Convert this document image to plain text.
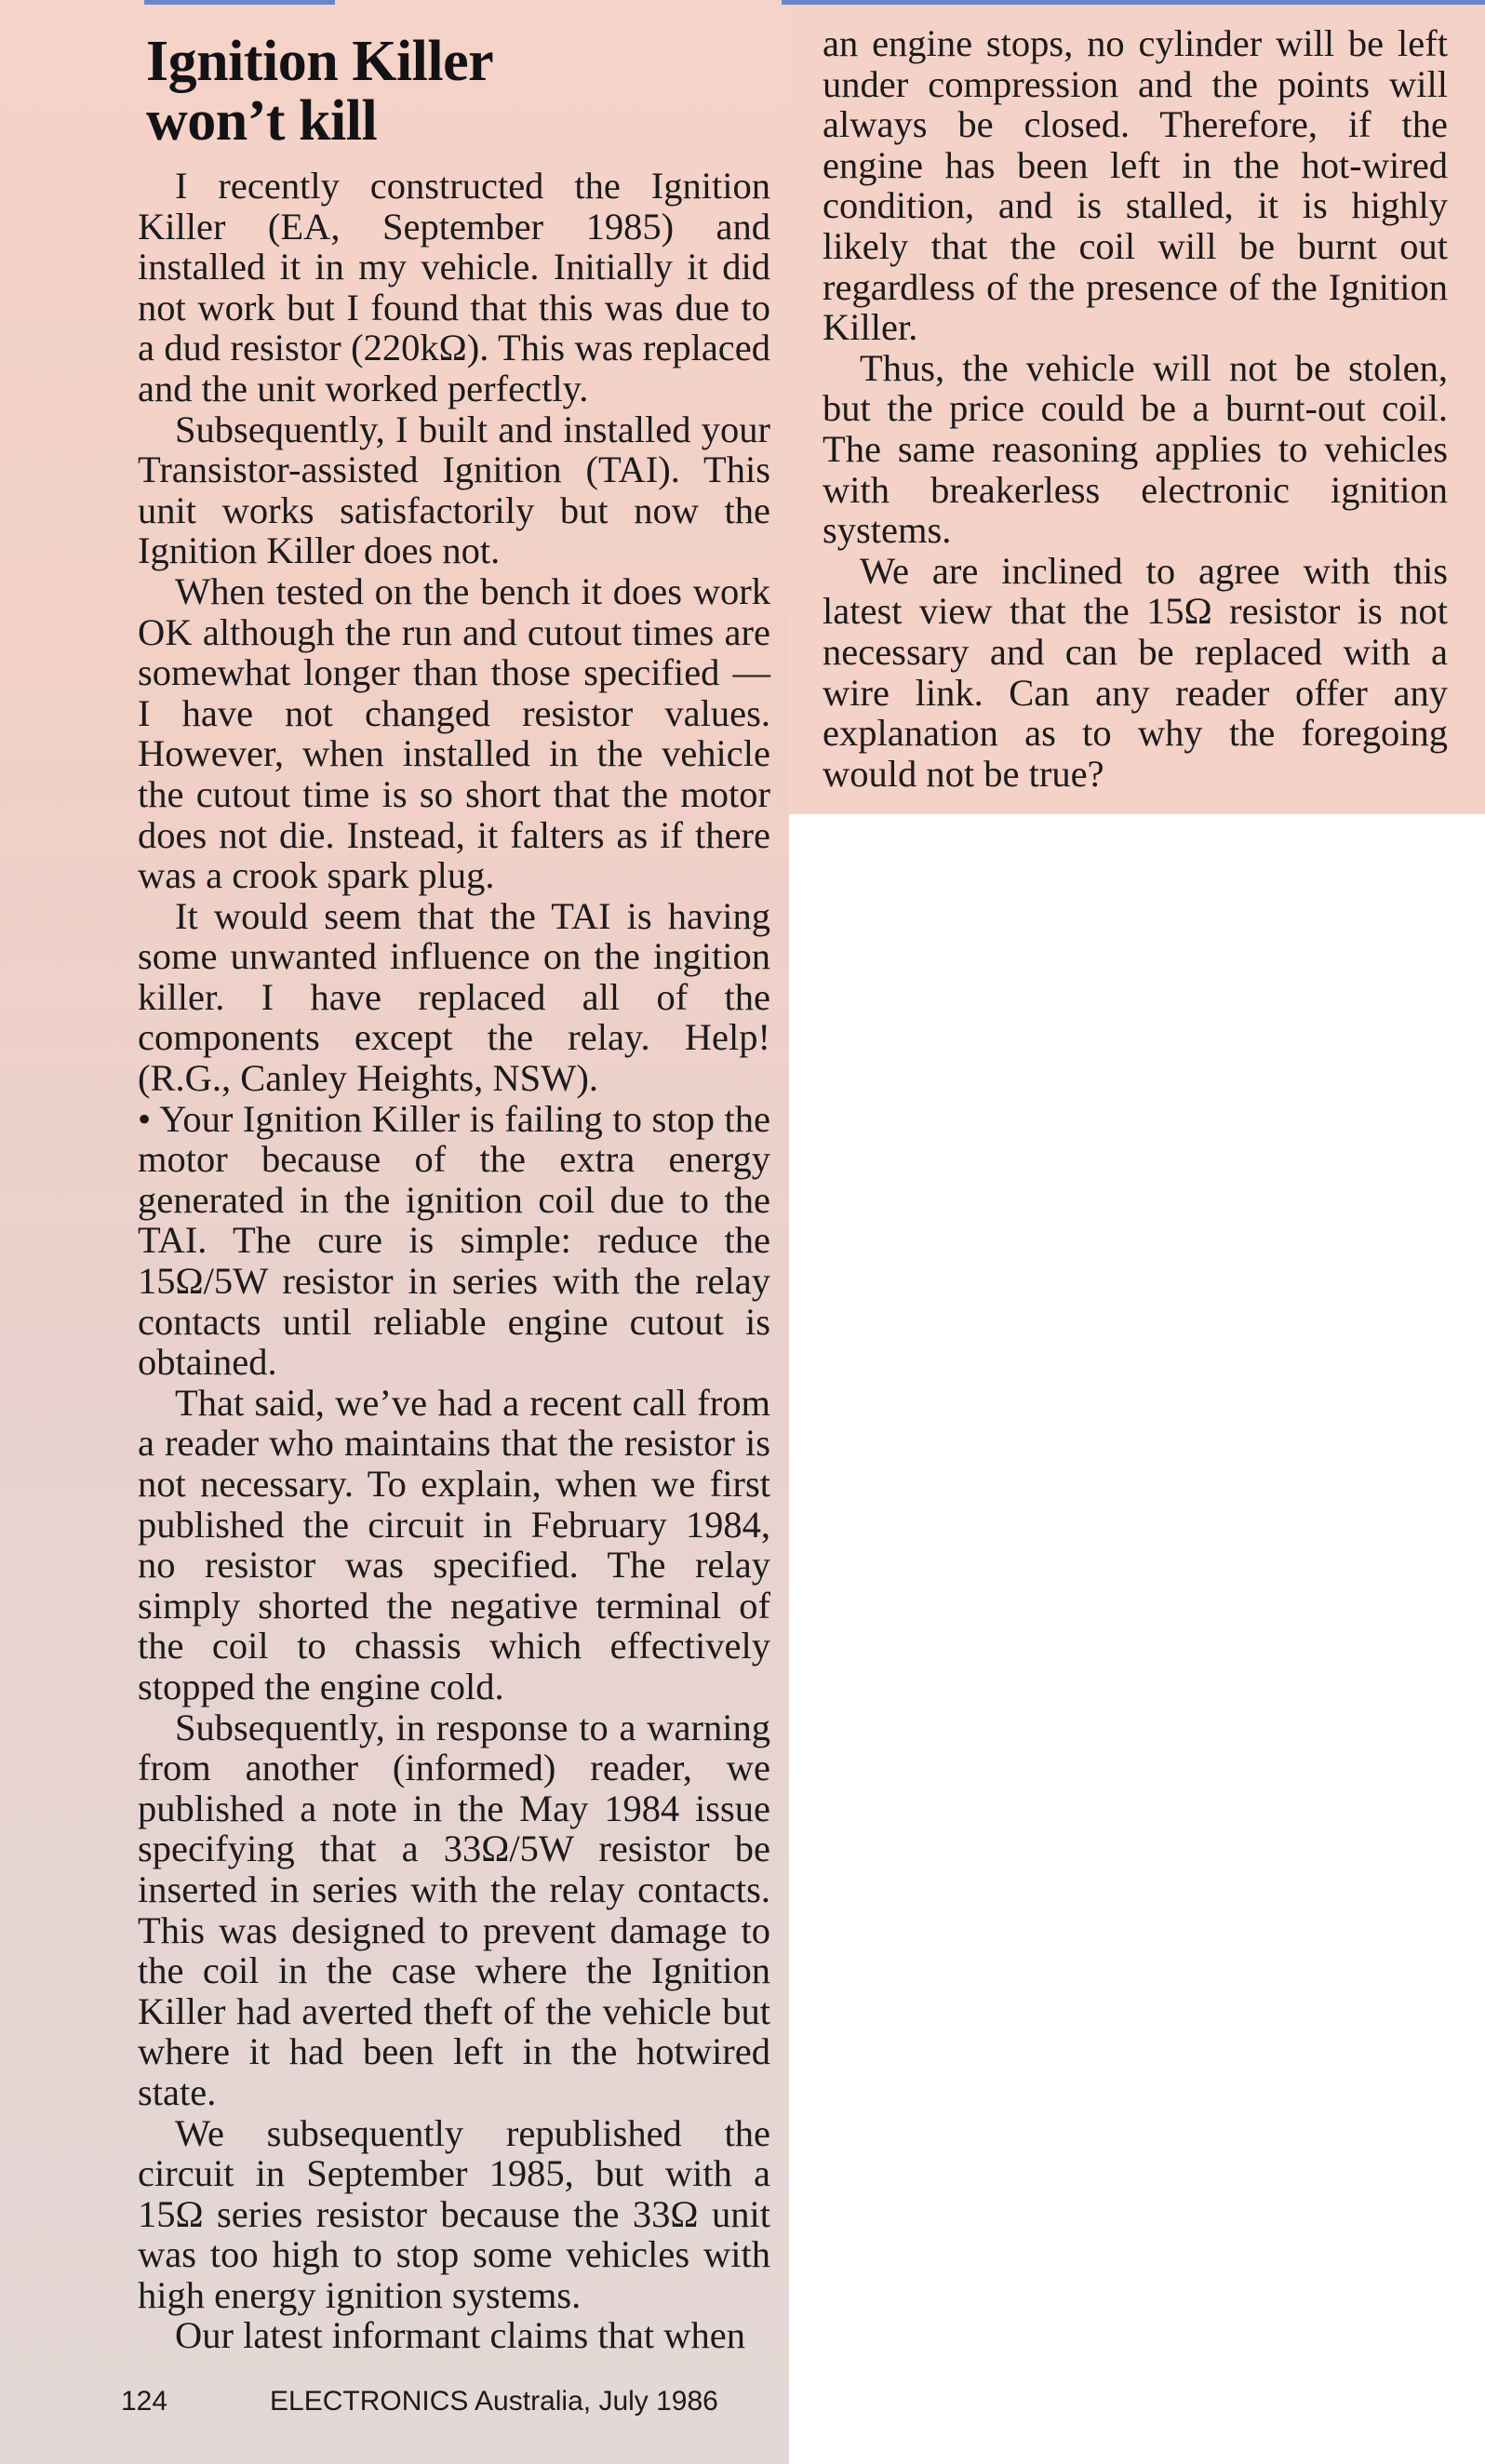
Ignition Killer
won’t kill

I recently constructed the Ignition Killer (EA, September 1985) and installed it in my vehicle. Initially it did not work but I found that this was due to a dud resistor (220kΩ). This was replaced and the unit worked perfectly.

Subsequently, I built and installed your Transistor-assisted Ignition (TAI). This unit works satisfactorily but now the Ignition Killer does not.

When tested on the bench it does work OK although the run and cutout times are somewhat longer than those specified — I have not changed resistor values. However, when installed in the vehicle the cutout time is so short that the motor does not die. Instead, it falters as if there was a crook spark plug.

It would seem that the TAI is having some unwanted influence on the ingition killer. I have replaced all of the components except the relay. Help! (R.G., Canley Heights, NSW).

• Your Ignition Killer is failing to stop the motor because of the extra energy generated in the ignition coil due to the TAI. The cure is simple: reduce the 15Ω/5W resistor in series with the relay contacts until reliable engine cutout is obtained.

That said, we’ve had a recent call from a reader who maintains that the resistor is not necessary. To explain, when we first published the circuit in February 1984, no resistor was specified. The relay simply shorted the negative terminal of the coil to chassis which effectively stopped the engine cold.

Subsequently, in response to a warning from another (informed) reader, we published a note in the May 1984 issue specifying that a 33Ω/5W resistor be inserted in series with the relay contacts. This was designed to prevent damage to the coil in the case where the Ignition Killer had averted theft of the vehicle but where it had been left in the hotwired state.

We subsequently republished the circuit in September 1985, but with a 15Ω series resistor because the 33Ω unit was too high to stop some vehicles with high energy ignition systems.

Our latest informant claims that when

an engine stops, no cylinder will be left under compression and the points will always be closed. Therefore, if the engine has been left in the hot-wired condition, and is stalled, it is highly likely that the coil will be burnt out regardless of the presence of the Ignition Killer.

Thus, the vehicle will not be stolen, but the price could be a burnt-out coil. The same reasoning applies to vehicles with breakerless electronic ignition systems.

We are inclined to agree with this latest view that the 15Ω resistor is not necessary and can be replaced with a wire link. Can any reader offer any explanation as to why the foregoing would not be true?

124	ELECTRONICS Australia, July 1986
